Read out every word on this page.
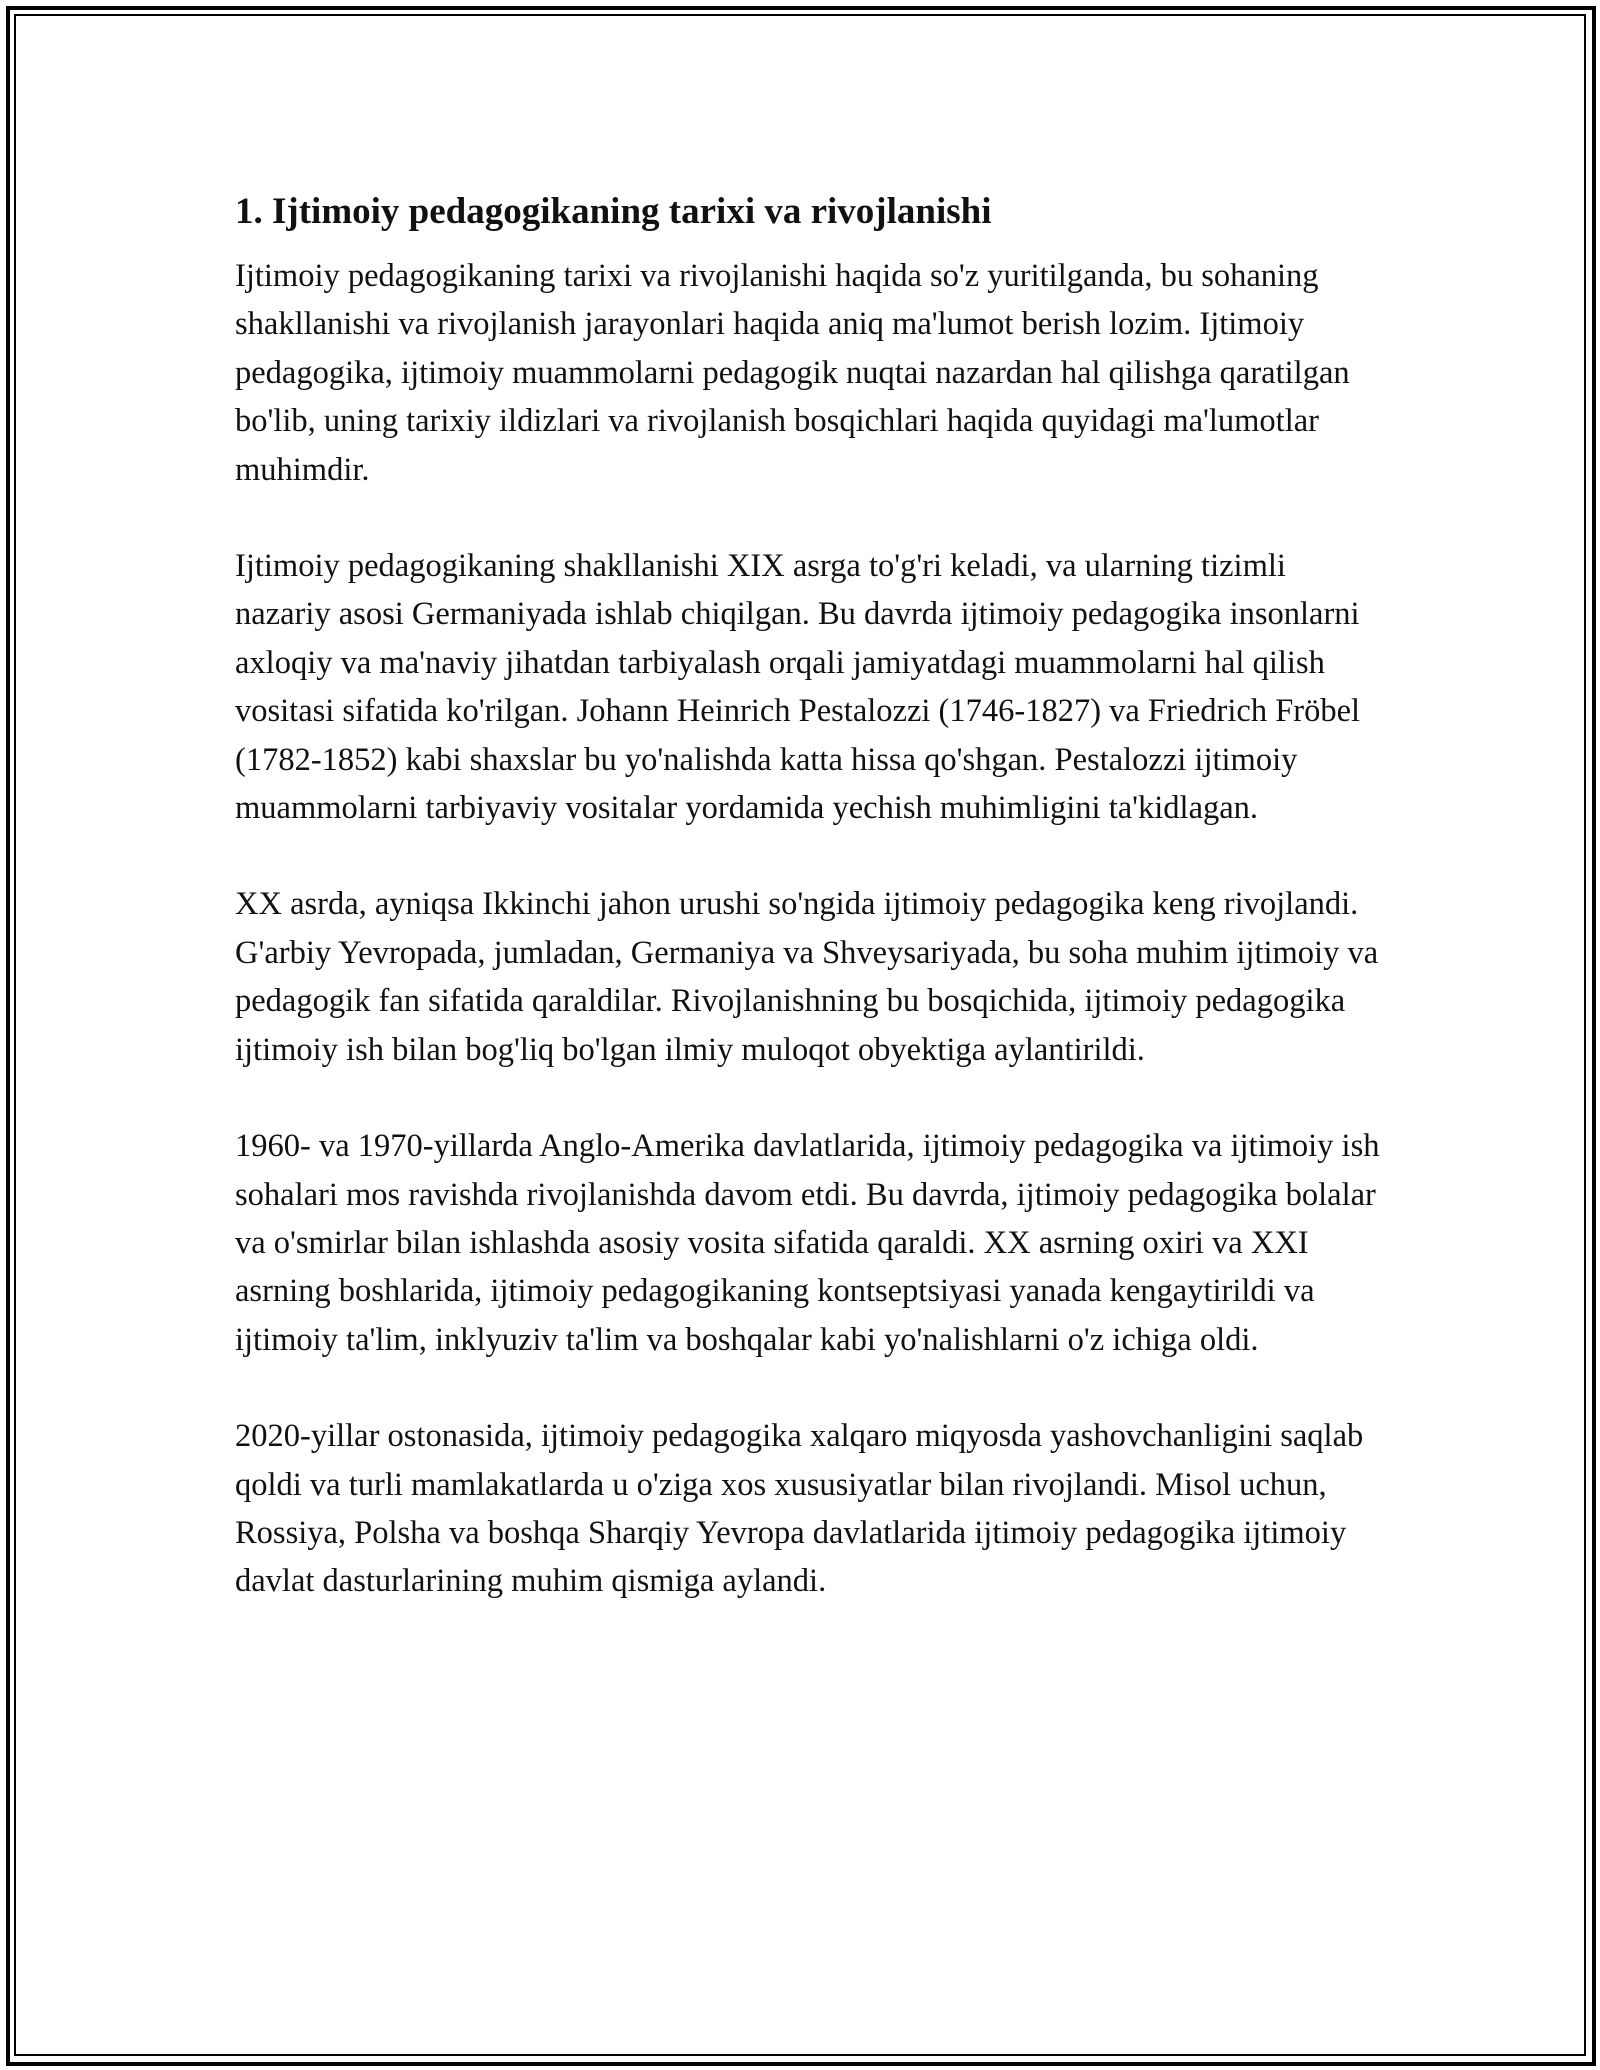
1. Ijtimoiy pedagogikaning tarixi va rivojlanishi

Ijtimoiy pedagogikaning tarixi va rivojlanishi haqida so'z yuritilganda, bu sohaning shakllanishi va rivojlanish jarayonlari haqida aniq ma'lumot berish lozim. Ijtimoiy pedagogika, ijtimoiy muammolarni pedagogik nuqtai nazardan hal qilishga qaratilgan bo'lib, uning tarixiy ildizlari va rivojlanish bosqichlari haqida quyidagi ma'lumotlar muhimdir.

Ijtimoiy pedagogikaning shakllanishi XIX asrga to'g'ri keladi, va ularning tizimli nazariy asosi Germaniyada ishlab chiqilgan. Bu davrda ijtimoiy pedagogika insonlarni axloqiy va ma'naviy jihatdan tarbiyalash orqali jamiyatdagi muammolarni hal qilish vositasi sifatida ko'rilgan. Johann Heinrich Pestalozzi (1746-1827) va Friedrich Fröbel (1782-1852) kabi shaxslar bu yo'nalishda katta hissa qo'shgan. Pestalozzi ijtimoiy muammolarni tarbiyaviy vositalar yordamida yechish muhimligini ta'kidlagan.

XX asrda, ayniqsa Ikkinchi jahon urushi so'ngida ijtimoiy pedagogika keng rivojlandi. G'arbiy Yevropada, jumladan, Germaniya va Shveysariyada, bu soha muhim ijtimoiy va pedagogik fan sifatida qaraldilar. Rivojlanishning bu bosqichida, ijtimoiy pedagogika ijtimoiy ish bilan bog'liq bo'lgan ilmiy muloqot obyektiga aylantirildi.

1960- va 1970-yillarda Anglo-Amerika davlatlarida, ijtimoiy pedagogika va ijtimoiy ish sohalari mos ravishda rivojlanishda davom etdi. Bu davrda, ijtimoiy pedagogika bolalar va o'smirlar bilan ishlashda asosiy vosita sifatida qaraldi. XX asrning oxiri va XXI asrning boshlarida, ijtimoiy pedagogikaning kontseptsiyasi yanada kengaytirildi va ijtimoiy ta'lim, inklyuziv ta'lim va boshqalar kabi yo'nalishlarni o'z ichiga oldi.

2020-yillar ostonasida, ijtimoiy pedagogika xalqaro miqyosda yashovchanligini saqlab qoldi va turli mamlakatlarda u o'ziga xos xususiyatlar bilan rivojlandi. Misol uchun, Rossiya, Polsha va boshqa Sharqiy Yevropa davlatlarida ijtimoiy pedagogika ijtimoiy davlat dasturlarining muhim qismiga aylandi.
